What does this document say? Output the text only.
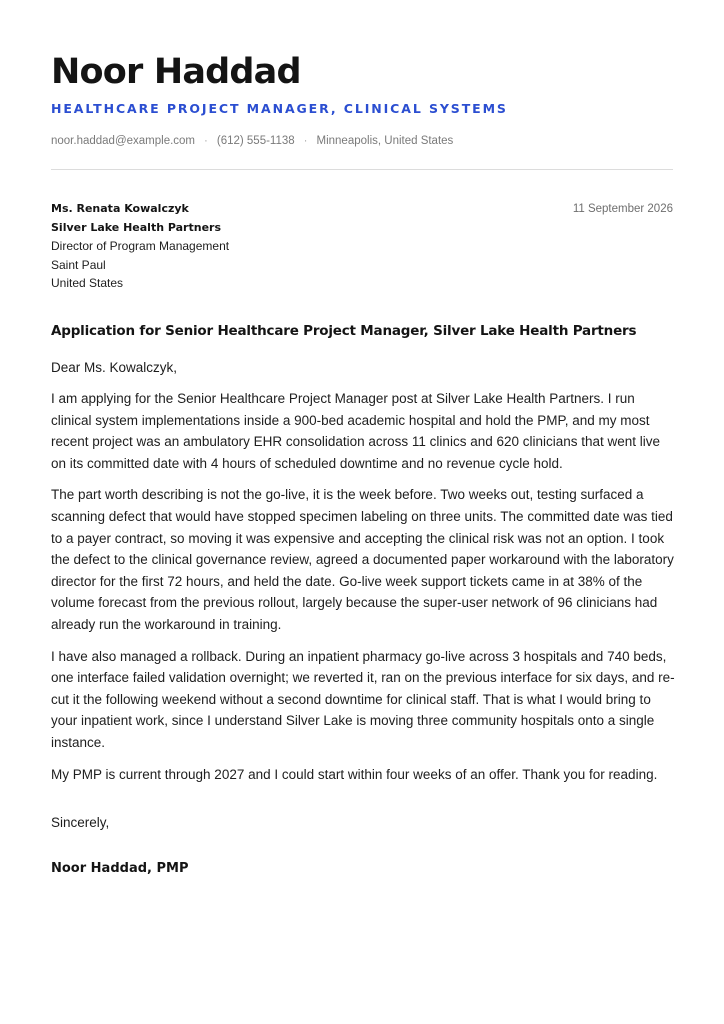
Noor Haddad
HEALTHCARE PROJECT MANAGER, CLINICAL SYSTEMS
noor.haddad@example.com · (612) 555-1138 · Minneapolis, United States
Ms. Renata Kowalczyk
Silver Lake Health Partners
Director of Program Management
Saint Paul
United States
11 September 2026
Application for Senior Healthcare Project Manager, Silver Lake Health Partners
Dear Ms. Kowalczyk,
I am applying for the Senior Healthcare Project Manager post at Silver Lake Health Partners. I run clinical system implementations inside a 900-bed academic hospital and hold the PMP, and my most recent project was an ambulatory EHR consolidation across 11 clinics and 620 clinicians that went live on its committed date with 4 hours of scheduled downtime and no revenue cycle hold.
The part worth describing is not the go-live, it is the week before. Two weeks out, testing surfaced a scanning defect that would have stopped specimen labeling on three units. The committed date was tied to a payer contract, so moving it was expensive and accepting the clinical risk was not an option. I took the defect to the clinical governance review, agreed a documented paper workaround with the laboratory director for the first 72 hours, and held the date. Go-live week support tickets came in at 38% of the volume forecast from the previous rollout, largely because the super-user network of 96 clinicians had already run the workaround in training.
I have also managed a rollback. During an inpatient pharmacy go-live across 3 hospitals and 740 beds, one interface failed validation overnight; we reverted it, ran on the previous interface for six days, and re-cut it the following weekend without a second downtime for clinical staff. That is what I would bring to your inpatient work, since I understand Silver Lake is moving three community hospitals onto a single instance.
My PMP is current through 2027 and I could start within four weeks of an offer. Thank you for reading.
Sincerely,
Noor Haddad, PMP
